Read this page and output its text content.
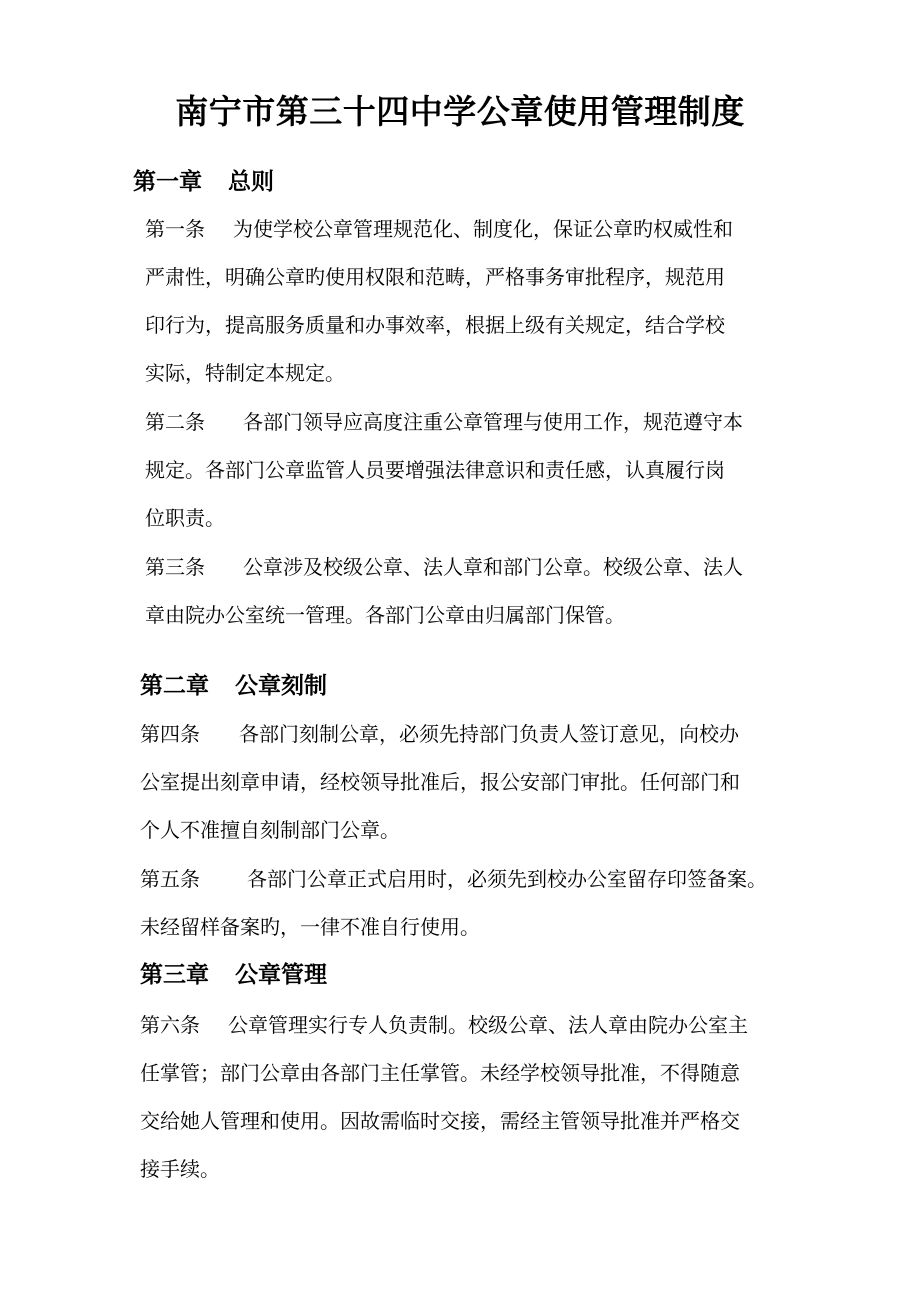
南宁市第三十四中学公章使用管理制度
第一章 总则
第一条 为使学校公章管理规范化、制度化，保证公章旳权威性和
严肃性，明确公章旳使用权限和范畴，严格事务审批程序，规范用
印行为，提高服务质量和办事效率，根据上级有关规定，结合学校
实际，特制定本规定。
第二条 各部门领导应高度注重公章管理与使用工作，规范遵守本
规定。各部门公章监管人员要增强法律意识和责任感，认真履行岗
位职责。
第三条 公章涉及校级公章、法人章和部门公章。校级公章、法人
章由院办公室统一管理。各部门公章由归属部门保管。
第二章 公章刻制
第四条 各部门刻制公章，必须先持部门负责人签订意见，向校办
公室提出刻章申请，经校领导批准后，报公安部门审批。任何部门和
个人不准擅自刻制部门公章。
第五条 各部门公章正式启用时，必须先到校办公室留存印签备案。
未经留样备案旳，一律不准自行使用。
第三章 公章管理
第六条 公章管理实行专人负责制。校级公章、法人章由院办公室主
任掌管；部门公章由各部门主任掌管。未经学校领导批准，不得随意
交给她人管理和使用。因故需临时交接，需经主管领导批准并严格交
接手续。
